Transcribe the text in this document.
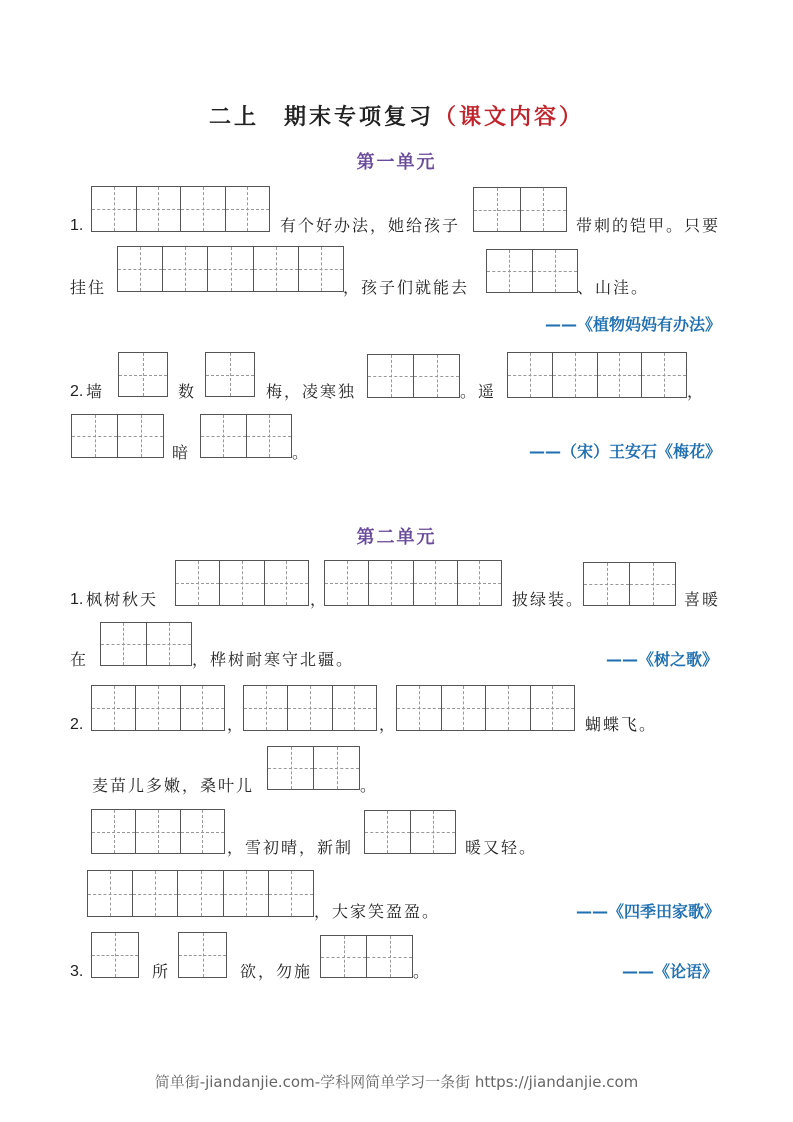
二上　期末专项复习（课文内容）
第一单元
1.	有个好办法，她给孩子	带刺的铠甲。只要
挂住	，孩子们就能去	、山洼。
——《植物妈妈有办法》
2. 墙	数	梅，凌寒独	。遥	，
暗	。	——（宋）王安石《梅花》
第二单元
1. 枫树秋天	，	披绿装。	喜暖
在	，桦树耐寒守北疆。	——《树之歌》
2.	，	，	蝴蝶飞。
麦苗儿多嫩，桑叶儿	。
，雪初晴，新制	暖又轻。
，大家笑盈盈。	——《四季田家歌》
3.	所	欲，勿施	。	——《论语》
简单街-jiandanjie.com-学科网简单学习一条街 https://jiandanjie.com
